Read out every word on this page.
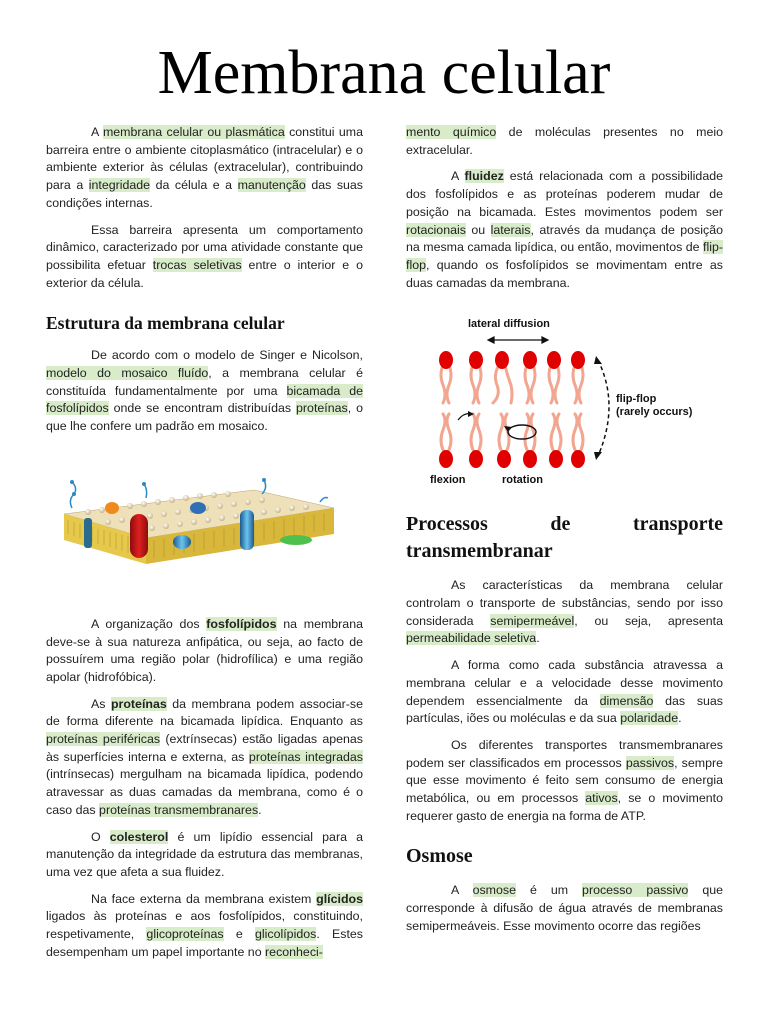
Membrana celular

A membrana celular ou plasmática constitui uma barreira entre o ambiente citoplasmático (intracelular) e o ambiente exterior às células (extracelular), contribuindo para a integridade da célula e a manutenção das suas condições internas.

Essa barreira apresenta um comportamento dinâmico, caracterizado por uma atividade constante que possibilita efetuar trocas seletivas entre o interior e o exterior da célula.

Estrutura da membrana celular

De acordo com o modelo de Singer e Nicolson, modelo do mosaico fluído, a membrana celular é constituída fundamentalmente por uma bicamada de fosfolípidos onde se encontram distribuídas proteínas, o que lhe confere um padrão em mosaico.

A organização dos fosfolípidos na membrana deve-se à sua natureza anfipática, ou seja, ao facto de possuírem uma região polar (hidrofílica) e uma região apolar (hidrofóbica).

As proteínas da membrana podem associar-se de forma diferente na bicamada lipídica. Enquanto as proteínas periféricas (extrínsecas) estão ligadas apenas às superfícies interna e externa, as proteínas integradas (intrínsecas) mergulham na bicamada lipídica, podendo atravessar as duas camadas da membrana, como é o caso das proteínas transmembranares.

O colesterol é um lipídio essencial para a manutenção da integridade da estrutura das membranas, uma vez que afeta a sua fluidez.

Na face externa da membrana existem glícidos ligados às proteínas e aos fosfolípidos, constituindo, respetivamente, glicoproteínas e glicolípidos. Estes desempenham um papel importante no reconheci-

mento químico de moléculas presentes no meio extracelular.

A fluidez está relacionada com a possibilidade dos fosfolípidos e as proteínas poderem mudar de posição na bicamada. Estes movimentos podem ser rotacionais ou laterais, através da mudança de posição na mesma camada lipídica, ou então, movimentos de flip-flop, quando os fosfolípidos se movimentam entre as duas camadas da membrana.

Processos de transporte transmembranar

As características da membrana celular controlam o transporte de substâncias, sendo por isso considerada semipermeável, ou seja, apresenta permeabilidade seletiva.

A forma como cada substância atravessa a membrana celular e a velocidade desse movimento dependem essencialmente da dimensão das suas partículas, iões ou moléculas e da sua polaridade.

Os diferentes transportes transmembranares podem ser classificados em processos passivos, sempre que esse movimento é feito sem consumo de energia metabólica, ou em processos ativos, se o movimento requerer gasto de energia na forma de ATP.

Osmose

A osmose é um processo passivo que corresponde à difusão de água através de membranas semipermeáveis. Esse movimento ocorre das regiões

lateral diffusion
flip-flop
(rarely occurs)
flexion	rotation
